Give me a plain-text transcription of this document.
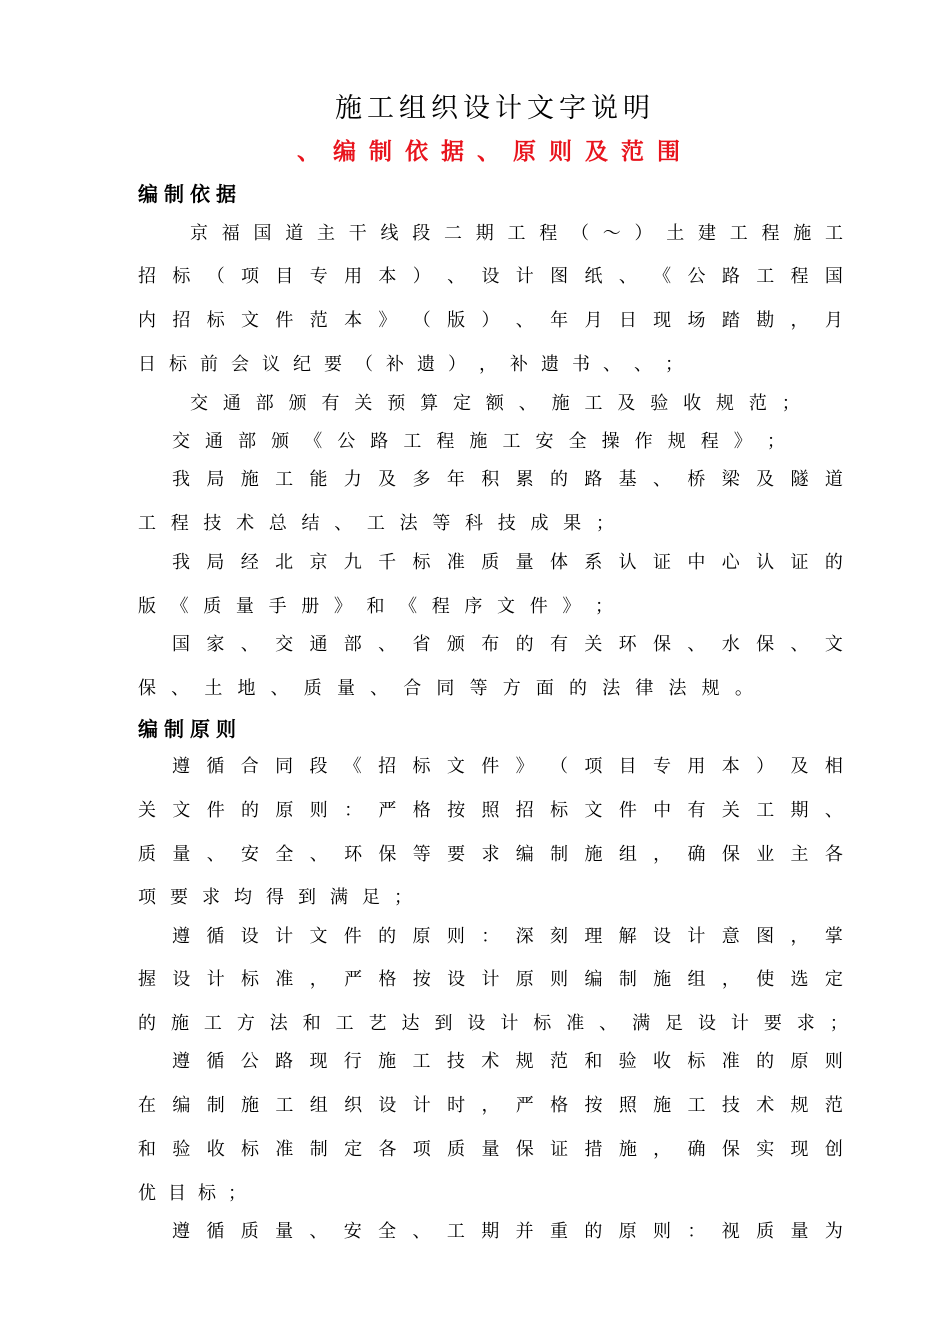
施工组织设计文字说明
、编制依据、原则及范围
编制依据
京 福 国 道 主 干 线 段 二 期 工 程 （ ～ ） 土 建 工 程 施 工
招 标 （ 项 目 专 用 本 ） 、 设 计 图 纸 、 《 公 路 工 程 国
内 招 标 文 件 范 本 》 （ 版 ） 、 年 月 日 现 场 踏 勘 ， 月
日 标 前 会 议 纪 要 （ 补 遗 ） ， 补 遗 书 、 、 ；
交 通 部 颁 有 关 预 算 定 额 、 施 工 及 验 收 规 范 ；
交 通 部 颁 《 公 路 工 程 施 工 安 全 操 作 规 程 》 ；
我 局 施 工 能 力 及 多 年 积 累 的 路 基 、 桥 梁 及 隧 道
工 程 技 术 总 结 、 工 法 等 科 技 成 果 ；
我 局 经 北 京 九 千 标 准 质 量 体 系 认 证 中 心 认 证 的
版 《 质 量 手 册 》 和 《 程 序 文 件 》 ；
国 家 、 交 通 部 、 省 颁 布 的 有 关 环 保 、 水 保 、 文
保 、 土 地 、 质 量 、 合 同 等 方 面 的 法 律 法 规 。
编制原则
遵 循 合 同 段 《 招 标 文 件 》 （ 项 目 专 用 本 ） 及 相
关 文 件 的 原 则 ： 严 格 按 照 招 标 文 件 中 有 关 工 期 、
质 量 、 安 全 、 环 保 等 要 求 编 制 施 组 ， 确 保 业 主 各
项 要 求 均 得 到 满 足 ；
遵 循 设 计 文 件 的 原 则 ： 深 刻 理 解 设 计 意 图 ， 掌
握 设 计 标 准 ， 严 格 按 设 计 原 则 编 制 施 组 ， 使 选 定
的 施 工 方 法 和 工 艺 达 到 设 计 标 准 、 满 足 设 计 要 求 ；
遵 循 公 路 现 行 施 工 技 术 规 范 和 验 收 标 准 的 原 则
在 编 制 施 工 组 织 设 计 时 ， 严 格 按 照 施 工 技 术 规 范
和 验 收 标 准 制 定 各 项 质 量 保 证 措 施 ， 确 保 实 现 创
优 目 标 ；
遵 循 质 量 、 安 全 、 工 期 并 重 的 原 则 ： 视 质 量 为
